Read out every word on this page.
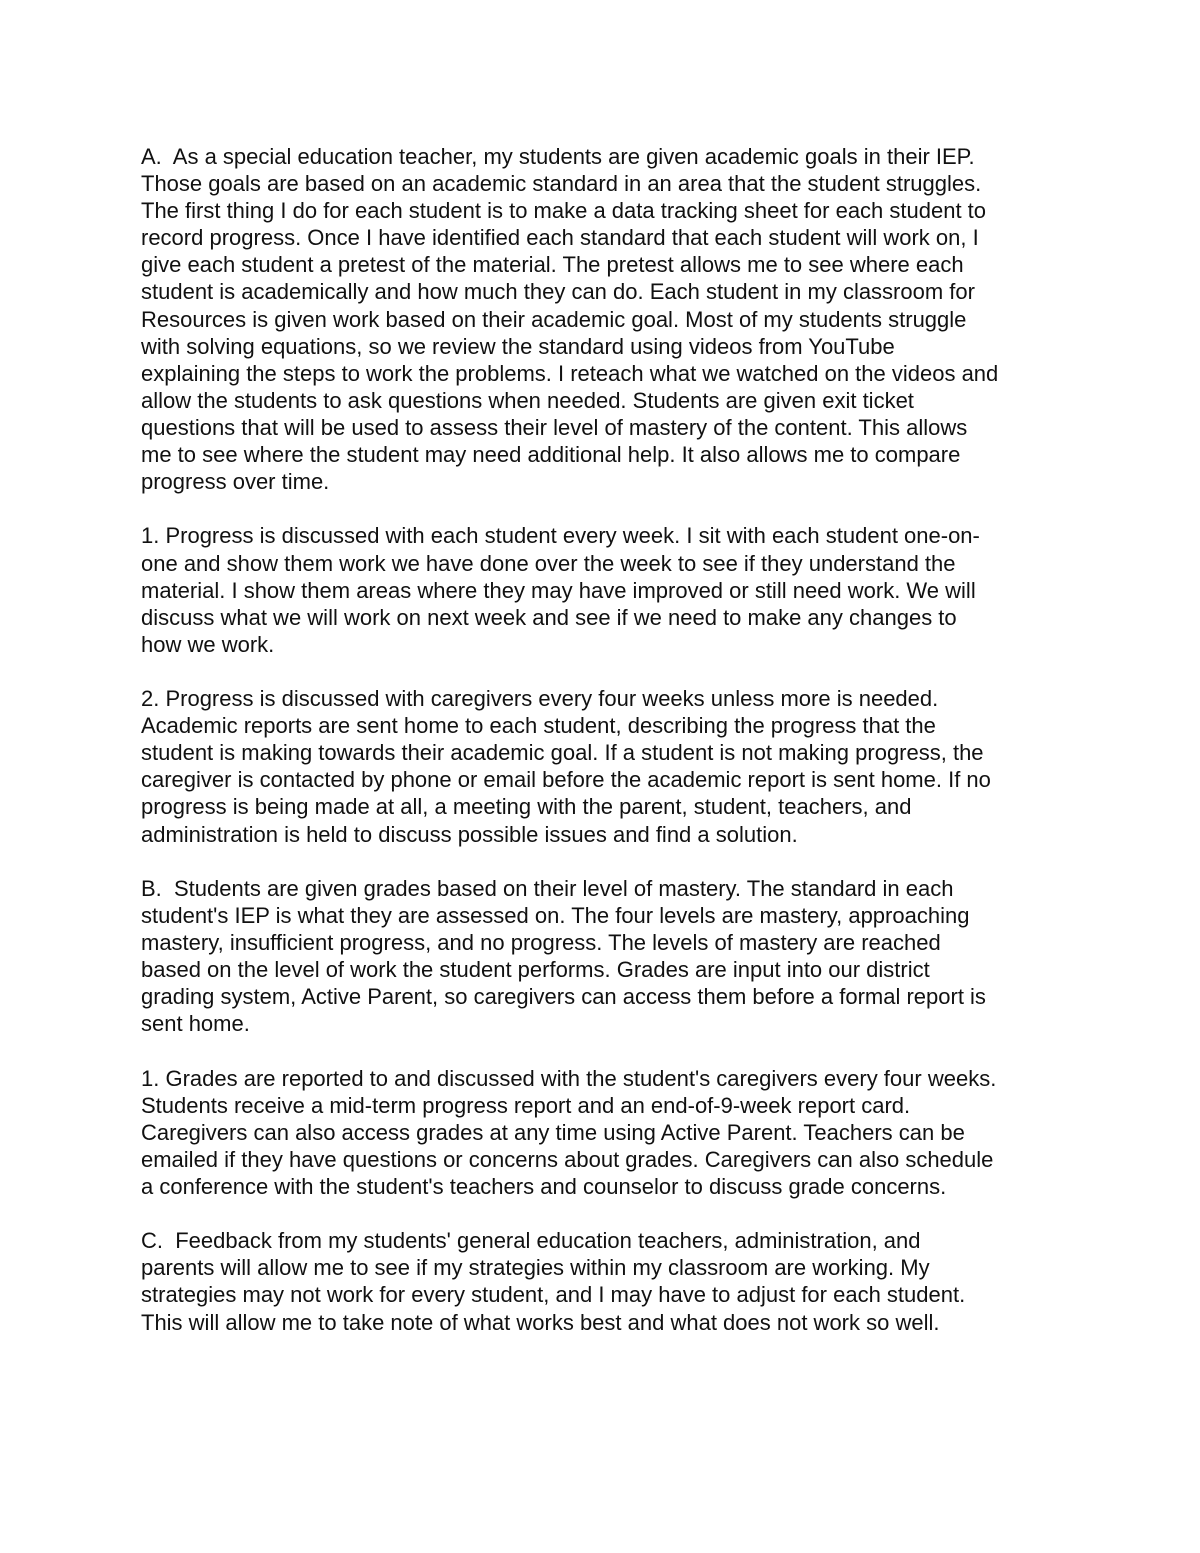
A.  As a special education teacher, my students are given academic goals in their IEP.
Those goals are based on an academic standard in an area that the student struggles.
The first thing I do for each student is to make a data tracking sheet for each student to
record progress. Once I have identified each standard that each student will work on, I
give each student a pretest of the material. The pretest allows me to see where each
student is academically and how much they can do. Each student in my classroom for
Resources is given work based on their academic goal. Most of my students struggle
with solving equations, so we review the standard using videos from YouTube
explaining the steps to work the problems. I reteach what we watched on the videos and
allow the students to ask questions when needed. Students are given exit ticket
questions that will be used to assess their level of mastery of the content. This allows
me to see where the student may need additional help. It also allows me to compare
progress over time.

1. Progress is discussed with each student every week. I sit with each student one-on-
one and show them work we have done over the week to see if they understand the
material. I show them areas where they may have improved or still need work. We will
discuss what we will work on next week and see if we need to make any changes to
how we work.

2. Progress is discussed with caregivers every four weeks unless more is needed.
Academic reports are sent home to each student, describing the progress that the
student is making towards their academic goal. If a student is not making progress, the
caregiver is contacted by phone or email before the academic report is sent home. If no
progress is being made at all, a meeting with the parent, student, teachers, and
administration is held to discuss possible issues and find a solution.

B.  Students are given grades based on their level of mastery. The standard in each
student's IEP is what they are assessed on. The four levels are mastery, approaching
mastery, insufficient progress, and no progress. The levels of mastery are reached
based on the level of work the student performs. Grades are input into our district
grading system, Active Parent, so caregivers can access them before a formal report is
sent home.

1. Grades are reported to and discussed with the student's caregivers every four weeks.
Students receive a mid-term progress report and an end-of-9-week report card.
Caregivers can also access grades at any time using Active Parent. Teachers can be
emailed if they have questions or concerns about grades. Caregivers can also schedule
a conference with the student's teachers and counselor to discuss grade concerns.

C.  Feedback from my students' general education teachers, administration, and
parents will allow me to see if my strategies within my classroom are working. My
strategies may not work for every student, and I may have to adjust for each student.
This will allow me to take note of what works best and what does not work so well.
